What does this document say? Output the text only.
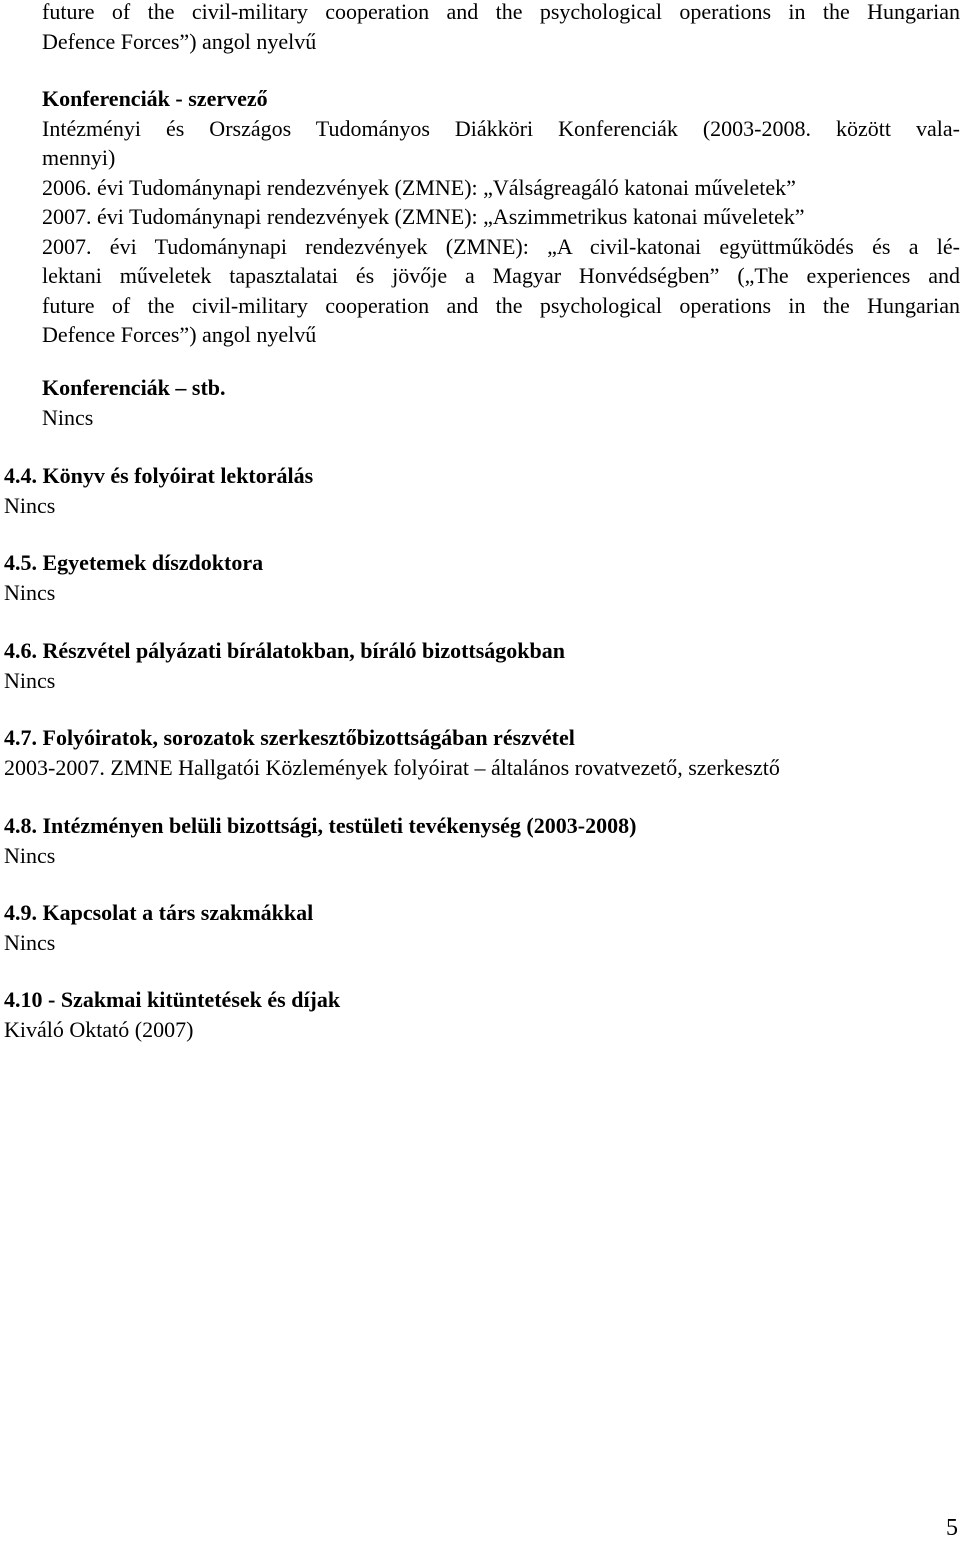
future of the civil-military cooperation and the psychological operations in the Hungarian
Defence Forces”) angol nyelvű
Konferenciák - szervező
Intézményi és Országos Tudományos Diákköri Konferenciák (2003-2008. között vala-
mennyi)
2006. évi Tudománynapi rendezvények (ZMNE): „Válságreagáló katonai műveletek”
2007. évi Tudománynapi rendezvények (ZMNE): „Aszimmetrikus katonai műveletek”
2007. évi Tudománynapi rendezvények (ZMNE): „A civil-katonai együttműködés és a lé-
lektani műveletek tapasztalatai és jövője a Magyar Honvédségben” („The experiences and
future of the civil-military cooperation and the psychological operations in the Hungarian
Defence Forces”) angol nyelvű
Konferenciák – stb.
Nincs
4.4. Könyv és folyóirat lektorálás
Nincs
4.5. Egyetemek díszdoktora
Nincs
4.6. Részvétel pályázati bírálatokban, bíráló bizottságokban
Nincs
4.7. Folyóiratok, sorozatok szerkesztőbizottságában részvétel
2003-2007. ZMNE Hallgatói Közlemények folyóirat – általános rovatvezető, szerkesztő
4.8. Intézményen belüli bizottsági, testületi tevékenység (2003-2008)
Nincs
4.9. Kapcsolat a társ szakmákkal
Nincs
4.10 - Szakmai kitüntetések és díjak
Kiváló Oktató (2007)
5
